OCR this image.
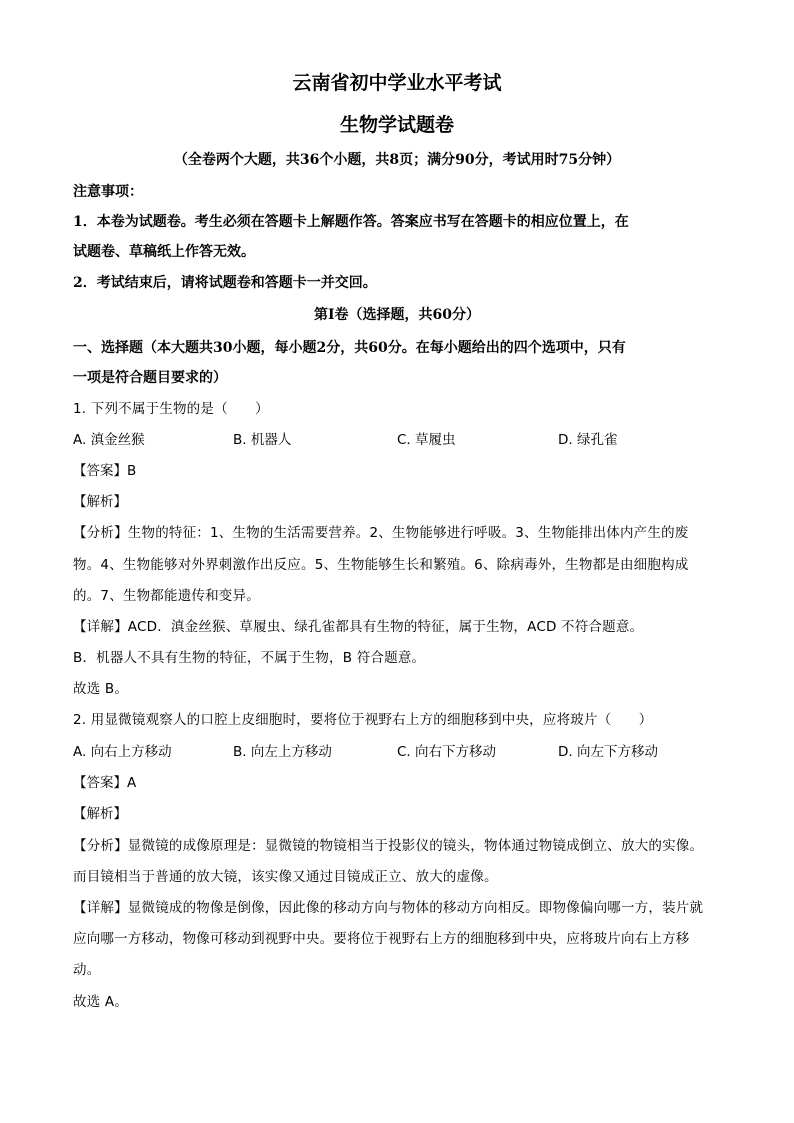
云南省初中学业水平考试
生物学试题卷
（全卷两个大题，共36个小题，共8页；满分90分，考试用时75分钟）
注意事项：
1．本卷为试题卷。考生必须在答题卡上解题作答。答案应书写在答题卡的相应位置上，在
试题卷、草稿纸上作答无效。
2．考试结束后，请将试题卷和答题卡一并交回。
第Ⅰ卷（选择题，共60分）
一、选择题（本大题共30小题，每小题2分，共60分。在每小题给出的四个选项中，只有
一项是符合题目要求的）
1. 下列不属于生物的是（　　）
A. 滇金丝猴	B. 机器人	C. 草履虫	D. 绿孔雀
【答案】B
【解析】
【分析】生物的特征：1、生物的生活需要营养。2、生物能够进行呼吸。3、生物能排出体内产生的废
物。4、生物能够对外界刺激作出反应。5、生物能够生长和繁殖。6、除病毒外，生物都是由细胞构成
的。7、生物都能遗传和变异。
【详解】ACD．滇金丝猴、草履虫、绿孔雀都具有生物的特征，属于生物，ACD 不符合题意。
B．机器人不具有生物的特征，不属于生物，B 符合题意。
故选 B。
2. 用显微镜观察人的口腔上皮细胞时，要将位于视野右上方的细胞移到中央，应将玻片（　　）
A. 向右上方移动	B. 向左上方移动	C. 向右下方移动	D. 向左下方移动
【答案】A
【解析】
【分析】显微镜的成像原理是：显微镜的物镜相当于投影仪的镜头，物体通过物镜成倒立、放大的实像。
而目镜相当于普通的放大镜，该实像又通过目镜成正立、放大的虚像。
【详解】显微镜成的物像是倒像，因此像的移动方向与物体的移动方向相反。即物像偏向哪一方，装片就
应向哪一方移动，物像可移动到视野中央。要将位于视野右上方的细胞移到中央，应将玻片向右上方移
动。
故选 A。
